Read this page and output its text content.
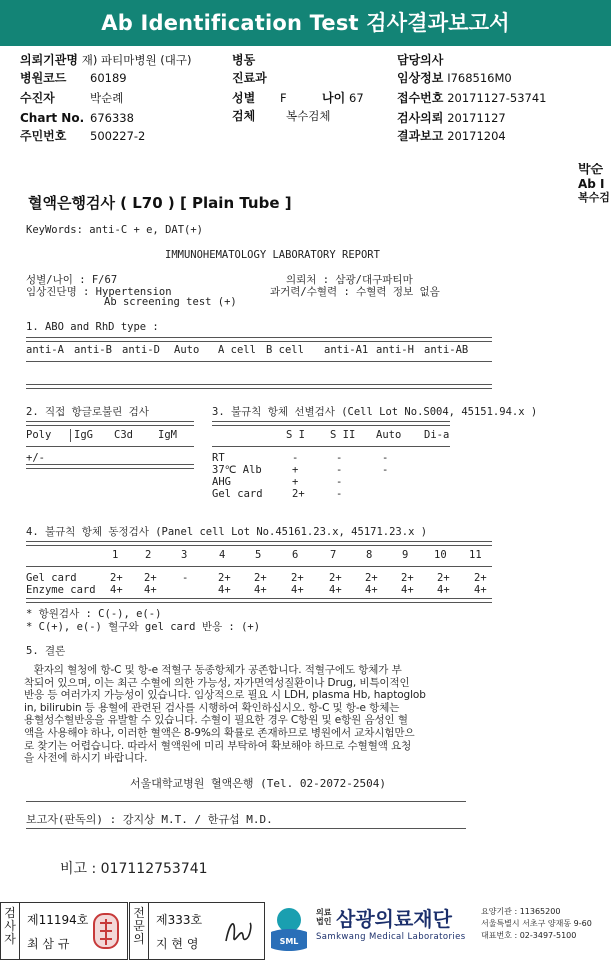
Ab Identification Test 검사결과보고서
의뢰기관명 재) 파티마병원 (대구)	병동	담당의사
병원코드 60189	진료과	임상정보 I768516M0
수진자	박순례	성별 F	나이 67	접수번호 20171127-53741
Chart No. 676338	검체	복수검체	검사의뢰 20171127
주민번호 500227-2	결과보고 20171204
박순
Ab I
복수검
혈액은행검사 ( L70 ) [ Plain Tube ]
KeyWords: anti-C + e, DAT(+)
IMMUNOHEMATOLOGY LABORATORY REPORT
성별/나이 : F/67
임상진단명 : Hypertension
Ab screening test (+)
의뢰처 : 삼광/대구파티마
과거력/수혈력 : 수혈력 정보 없음
1. ABO and RhD type :
anti-A anti-B anti-D Auto A cell B cell anti-A1 anti-H anti-AB
2. 직접 항글로불린 검사
Poly IgG C3d IgM
+/-
3. 불규칙 항체 선별검사 (Cell Lot No.S004, 45151.94.x )
S I S II Auto Di-a
RT	-	-	-
37℃ Alb	+	-	-
AHG	+	-
Gel card	2+	-
4. 불규칙 항체 동정검사 (Panel cell Lot No.45161.23.x, 45171.23.x )
1	2	3	4	5	6	7	8	9 10 11
Gel card	2+ 2+ -	2+ 2+ 2+ 2+ 2+ 2+ 2+ 2+
Enzyme card 4+ 4+	4+ 4+ 4+ 4+ 4+ 4+ 4+ 4+
* 항원검사 : C(-), e(-)
* C(+), e(-) 혈구와 gel card 반응 : (+)
5. 결론
환자의 혈청에 항-C 및 항-e 적혈구 동종항체가 공존합니다. 적혈구에도 항체가 부
착되어 있으며, 이는 최근 수혈에 의한 가능성, 자가면역성질환이나 Drug, 비특이적인
반응 등 여러가지 가능성이 있습니다. 임상적으로 필요 시 LDH, plasma Hb, haptoglob
in, bilirubin 등 용혈에 관련된 검사를 시행하여 확인하십시오. 항-C 및 항-e 항체는
용혈성수혈반응을 유발할 수 있습니다. 수혈이 필요한 경우 C항원 및 e항원 음성인 혈
액을 사용해야 하나, 이러한 혈액은 8-9%의 확률로 존재하므로 병원에서 교차시험만으
로 찾기는 어렵습니다. 따라서 혈액원에 미리 부탁하여 확보해야 하므로 수혈혈액 요청
을 사전에 하시기 바랍니다.
서울대학교병원 혈액은행 (Tel. 02-2072-2504)
보고자(판독의) : 강지상 M.T. / 한규섭 M.D.
비고 : 017112753741
검
사
자
제11194호
최 삼 규
전
문
의
제333호
지 현 영	SML
의료
법인 삼광의료재단
Samkwang Medical Laboratories
요양기관 : 11365200
서울특별시 서초구 양재동 9-60
대표번호 : 02-3497-5100
